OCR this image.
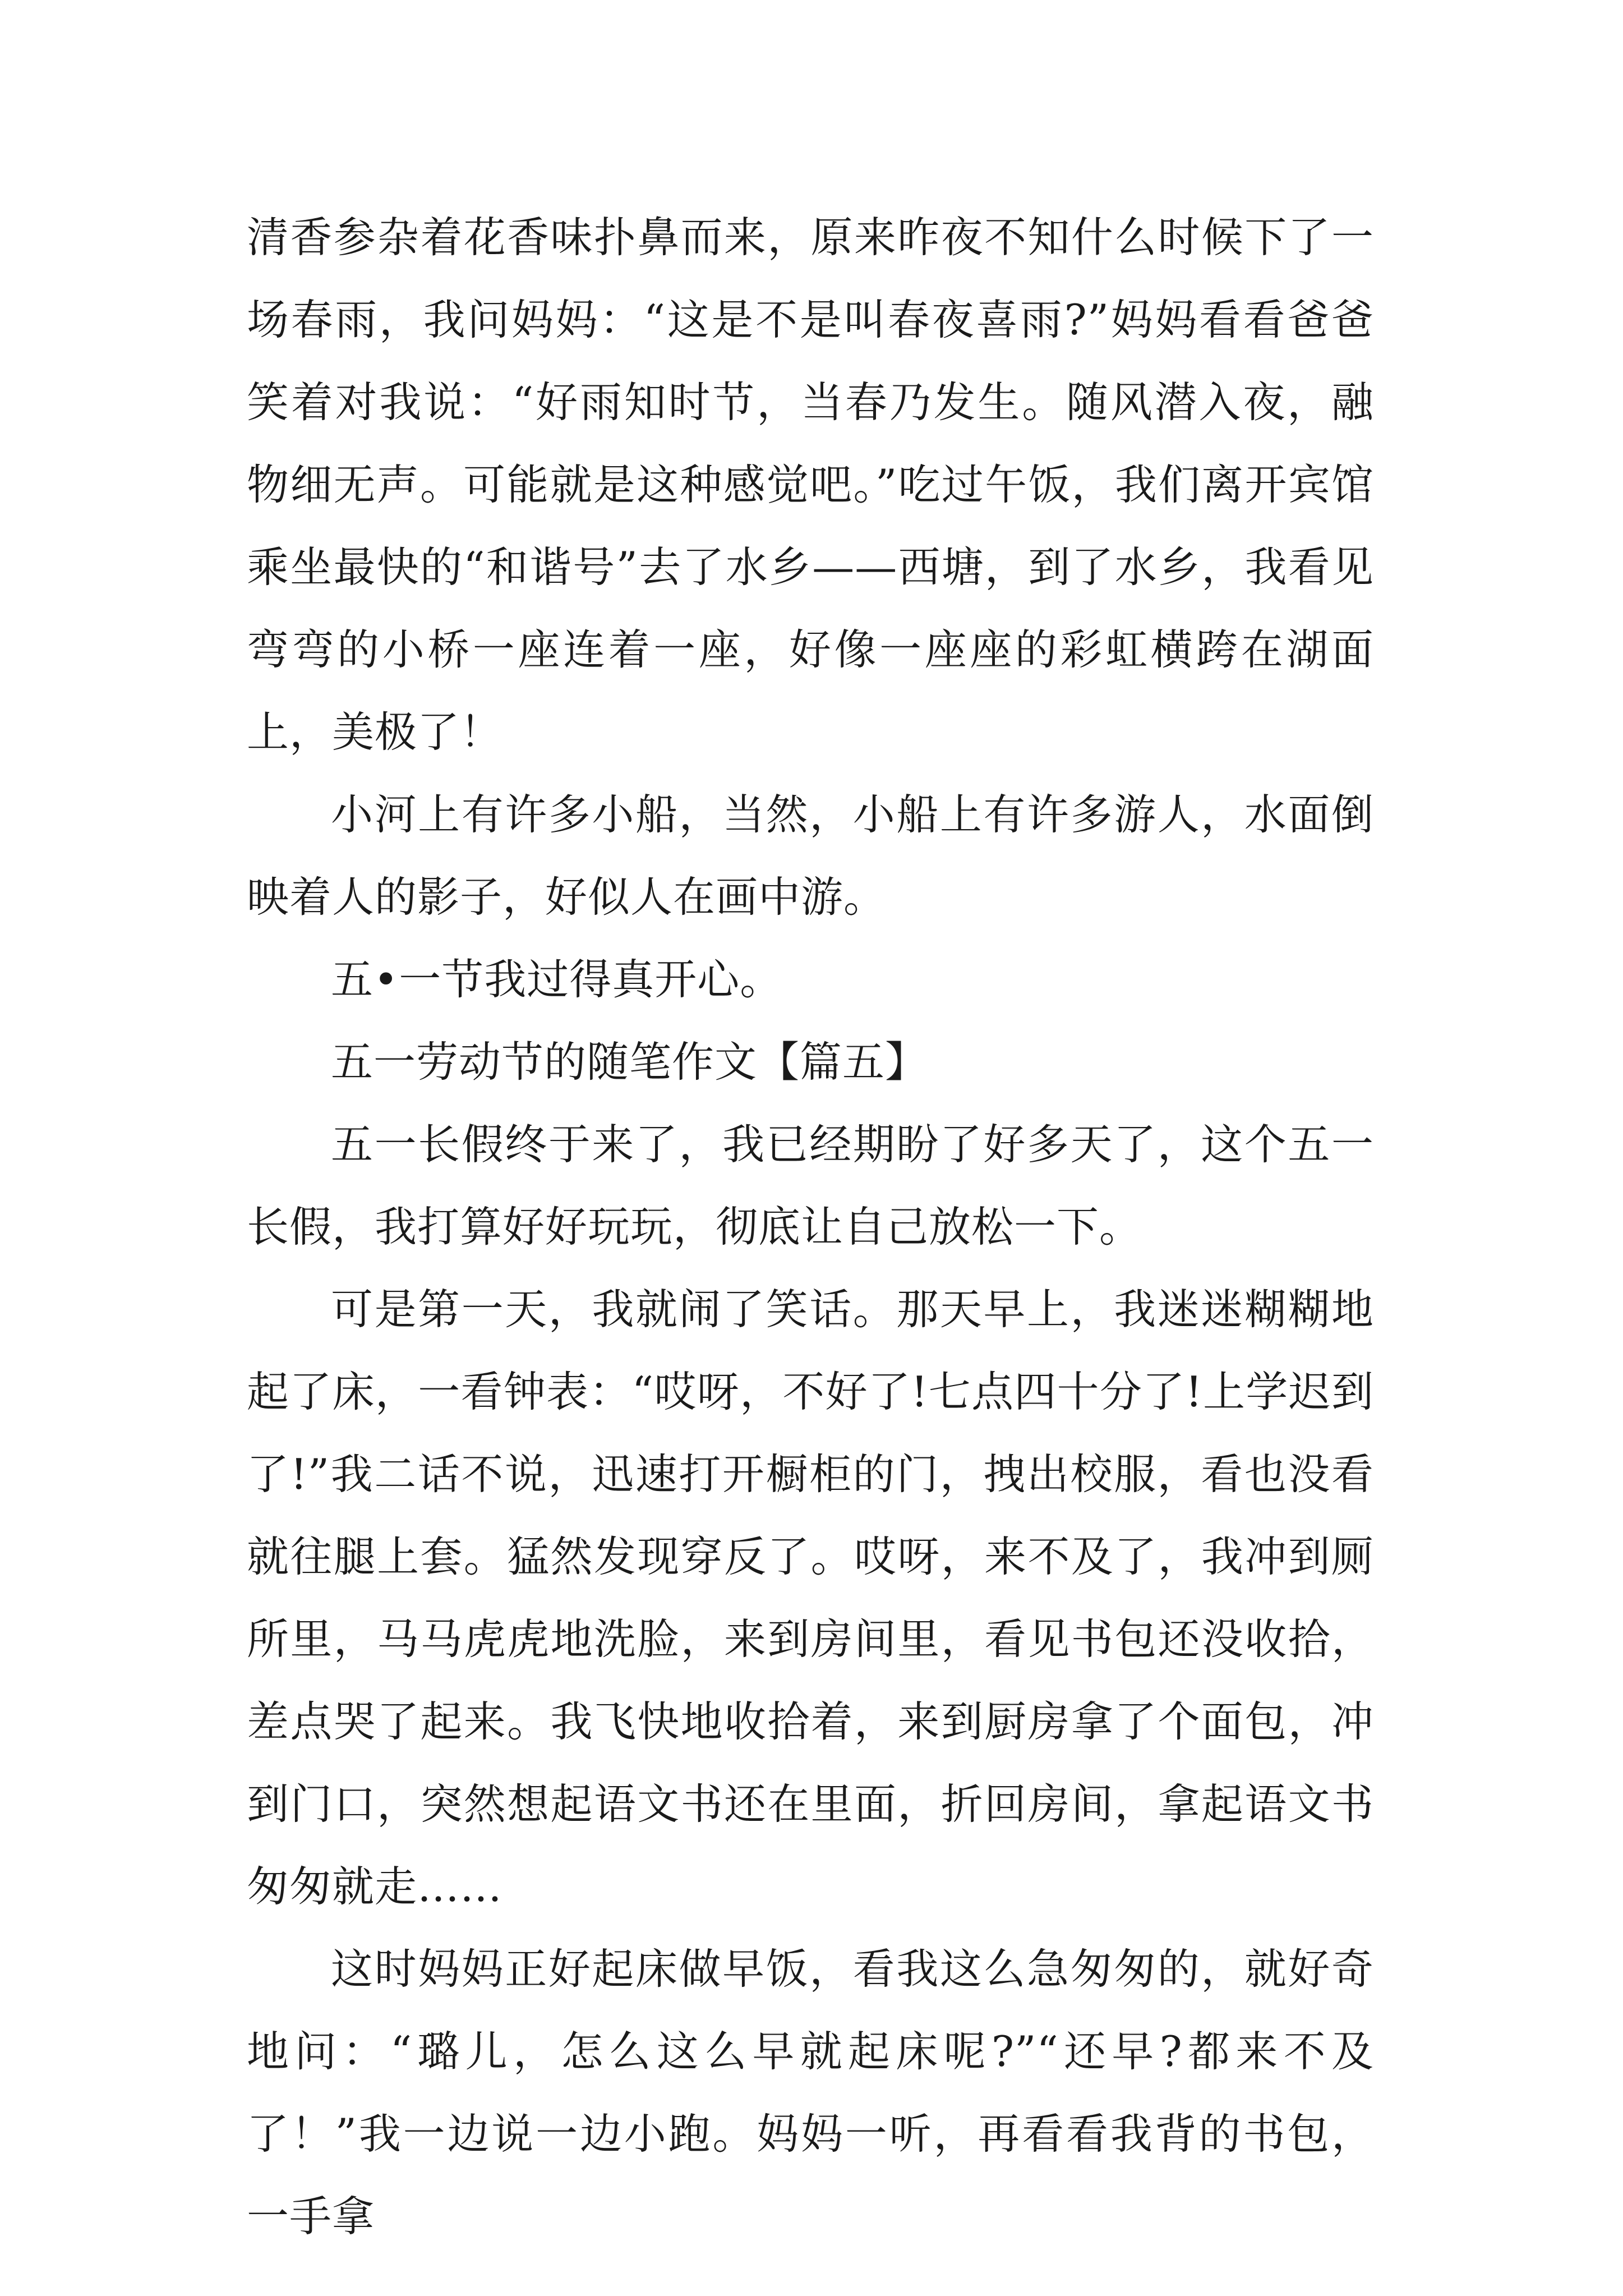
清香参杂着花香味扑鼻而来，原来昨夜不知什么时候下了一场春雨，我问妈妈：“这是不是叫春夜喜雨?”妈妈看看爸爸笑着对我说：“好雨知时节，当春乃发生。随风潜入夜，融物细无声。可能就是这种感觉吧。”吃过午饭，我们离开宾馆乘坐最快的“和谐号”去了水乡——西塘，到了水乡，我看见弯弯的小桥一座连着一座，好像一座座的彩虹横跨在湖面上，美极了！

小河上有许多小船，当然，小船上有许多游人，水面倒映着人的影子，好似人在画中游。

五•一节我过得真开心。

五一劳动节的随笔作文【篇五】

五一长假终于来了，我已经期盼了好多天了，这个五一长假，我打算好好玩玩，彻底让自己放松一下。

可是第一天，我就闹了笑话。那天早上，我迷迷糊糊地起了床，一看钟表：“哎呀，不好了!七点四十分了!上学迟到了!”我二话不说，迅速打开橱柜的门，拽出校服，看也没看就往腿上套。猛然发现穿反了。哎呀，来不及了，我冲到厕所里，马马虎虎地洗脸，来到房间里，看见书包还没收拾，差点哭了起来。我飞快地收拾着，来到厨房拿了个面包，冲到门口，突然想起语文书还在里面，折回房间，拿起语文书匆匆就走……

这时妈妈正好起床做早饭，看我这么急匆匆的，就好奇地问：“璐儿，怎么这么早就起床呢?”“还早?都来不及了！”我一边说一边小跑。妈妈一听，再看看我背的书包，一手拿
